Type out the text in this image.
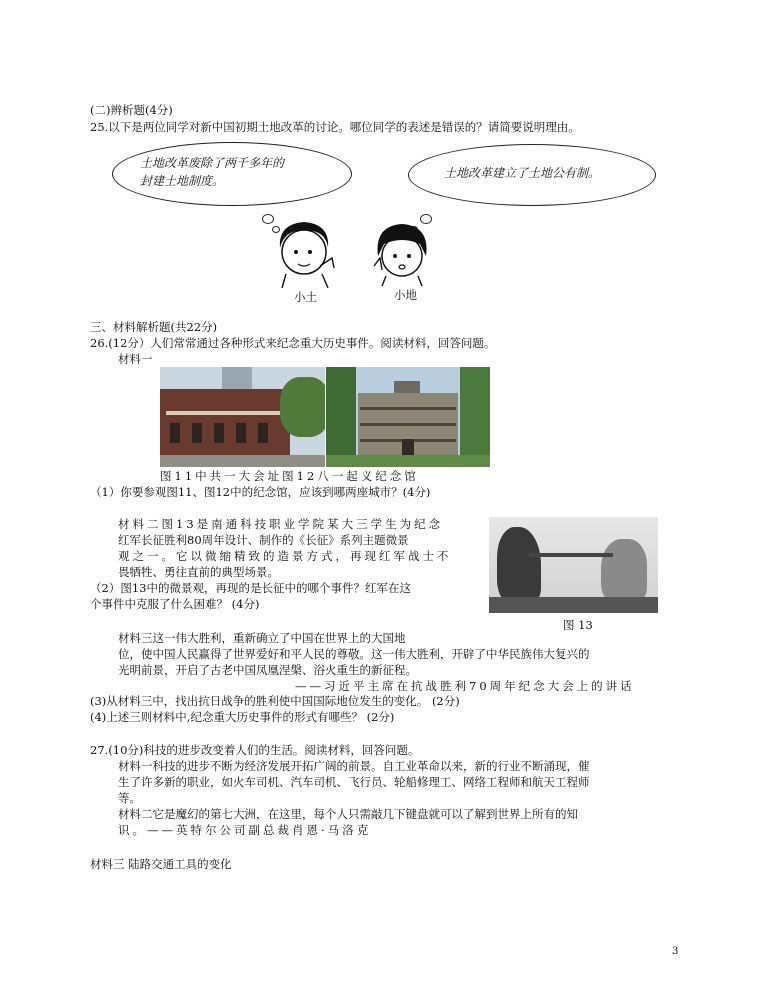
(二)辨析题(4分)
25.以下是两位同学对新中国初期土地改革的讨论。哪位同学的表述是错误的？请简要说明理由。
土地改革废除了两千多年的
封建土地制度。
土地改革建立了土地公有制。
小土	小地
三、材料解析题(共22分)
26.(12分）人们常常通过各种形式来纪念重大历史事件。阅读材料，回答问题。
材料一
图11中共一大会址图12八一起义纪念馆
（1）你要参观图11、图12中的纪念馆，应该到哪两座城市？(4分)
材料二图13是南通科技职业学院某大三学生为纪念
红军长征胜利80周年设计、制作的《长征》系列主题微景
观之一。它以微缩精致的造景方式，再现红军战士不
畏牺牲、勇往直前的典型场景。
（2）图13中的微景观，再现的是长征中的哪个事件？红军在这
个事件中克服了什么困难？ (4分)
图 13
材料三这一伟大胜利，重新确立了中国在世界上的大国地
位，使中国人民赢得了世界爱好和平人民的尊敬。这一伟大胜利，开辟了中华民族伟大复兴的
光明前景，开启了古老中国凤凰涅槃、浴火重生的新征程。
——习近平主席在抗战胜利70周年纪念大会上的讲话
(3)从材料三中，找出抗日战争的胜利使中国国际地位发生的变化。 (2分)
(4)上述三则材料中,纪念重大历史事件的形式有哪些？ (2分)
27.(10分)科技的进步改变着人们的生活。阅读材料，回答问题。
材料一科技的进步不断为经济发展开拓广阔的前景。自工业革命以来，新的行业不断涌现，催
生了许多新的职业，如火车司机、汽车司机、飞行员、轮船修理工、网络工程师和航天工程师
等。
材料二它是魔幻的第七大洲，在这里，每个人只需敲几下键盘就可以了解到世界上所有的知
识。——英特尔公司副总裁肖恩·马洛克
材料三 陆路交通工具的变化
3
